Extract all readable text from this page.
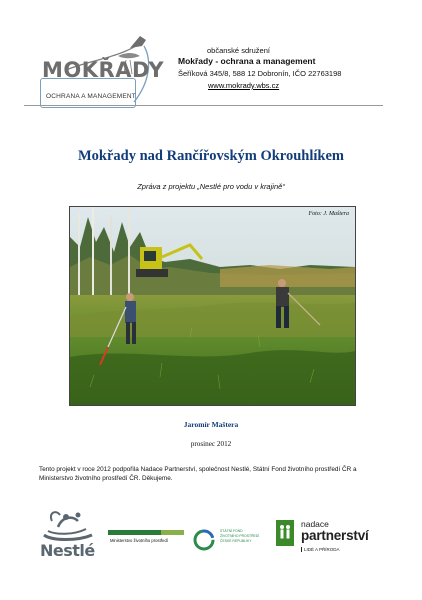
MOKŘADY
OCHRANA A MANAGEMENT
občanské sdružení
Mokřady - ochrana a management
Šeříková 345/8, 588 12 Dobronín, IČO 22763198
www.mokrady.wbs.cz
Mokřady nad Rančířovským Okrouhlíkem
Zpráva z projektu „Nestlé pro vodu v krajině“
Foto: J. Maštera
Jaromír Maštera
prosinec 2012
Tento projekt v roce 2012 podpořila Nadace Partnerství, společnost Nestlé, Státní Fond životního prostředí ČR a Ministerstvo životního prostředí ČR. Děkujeme.
Nestlé
Ministerstvo životního prostředí
STÁTNÍ FOND
ŽIVOTNÍHO PROSTŘEDÍ
ČESKÉ REPUBLIKY
nadace
partnerství
LIDÉ A PŘÍRODA
